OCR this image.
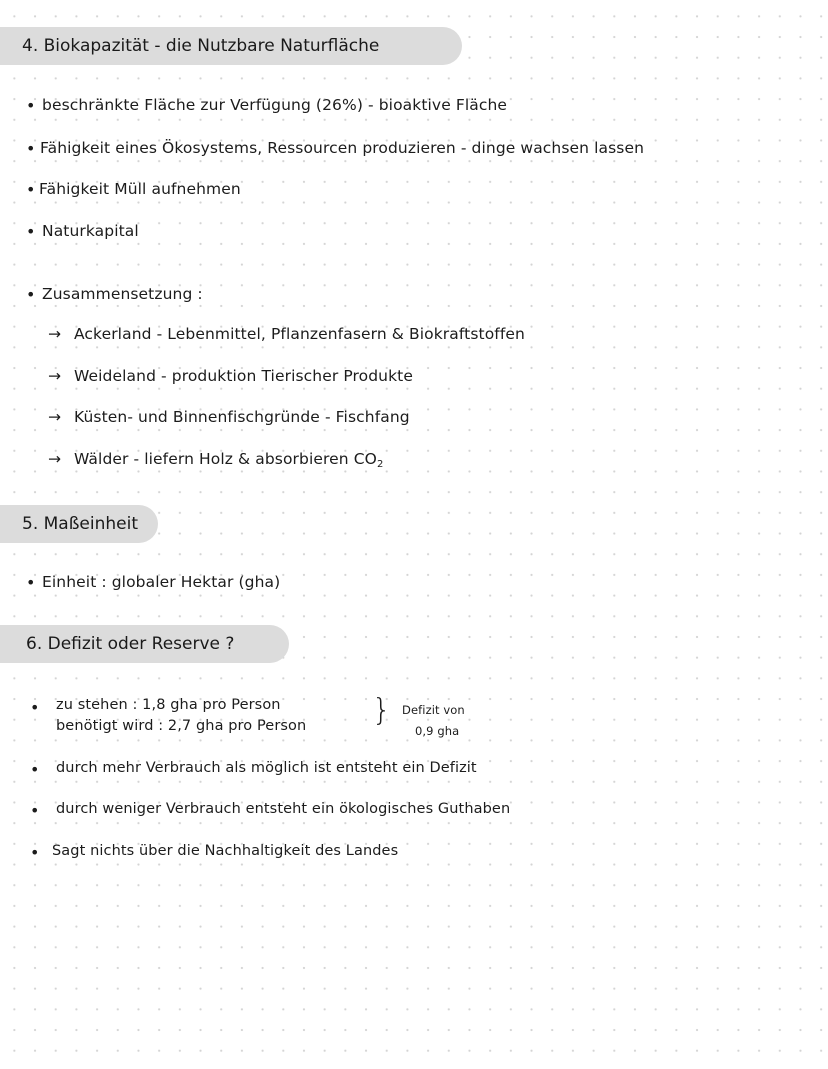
4. Biokapazität - die Nutzbare Naturfläche
• beschränkte Fläche zur Verfügung (26%) - bioaktive Fläche
• Fähigkeit eines Ökosystems, Ressourcen produzieren - dinge wachsen lassen
• Fähigkeit Müll aufnehmen
• Naturkapital
• Zusammensetzung :
→ Ackerland - Lebenmittel, Pflanzenfasern & Biokraftstoffen
→ Weideland - produktion Tierischer Produkte
→ Küsten- und Binnenfischgründe - Fischfang
→ Wälder - liefern Holz & absorbieren $CO_2$
5. Maßeinheit
• Einheit : globaler Hektar (gha)
6. Defizit oder Reserve ?
• zu stehen : 1,8 gha pro Person
benötigt wird : 2,7 gha pro Person } Defizit von
0,9 gha
• durch mehr Verbrauch als möglich ist entsteht ein Defizit
• durch weniger Verbrauch entsteht ein ökologisches Guthaben
• Sagt nichts über die Nachhaltigkeit des Landes
